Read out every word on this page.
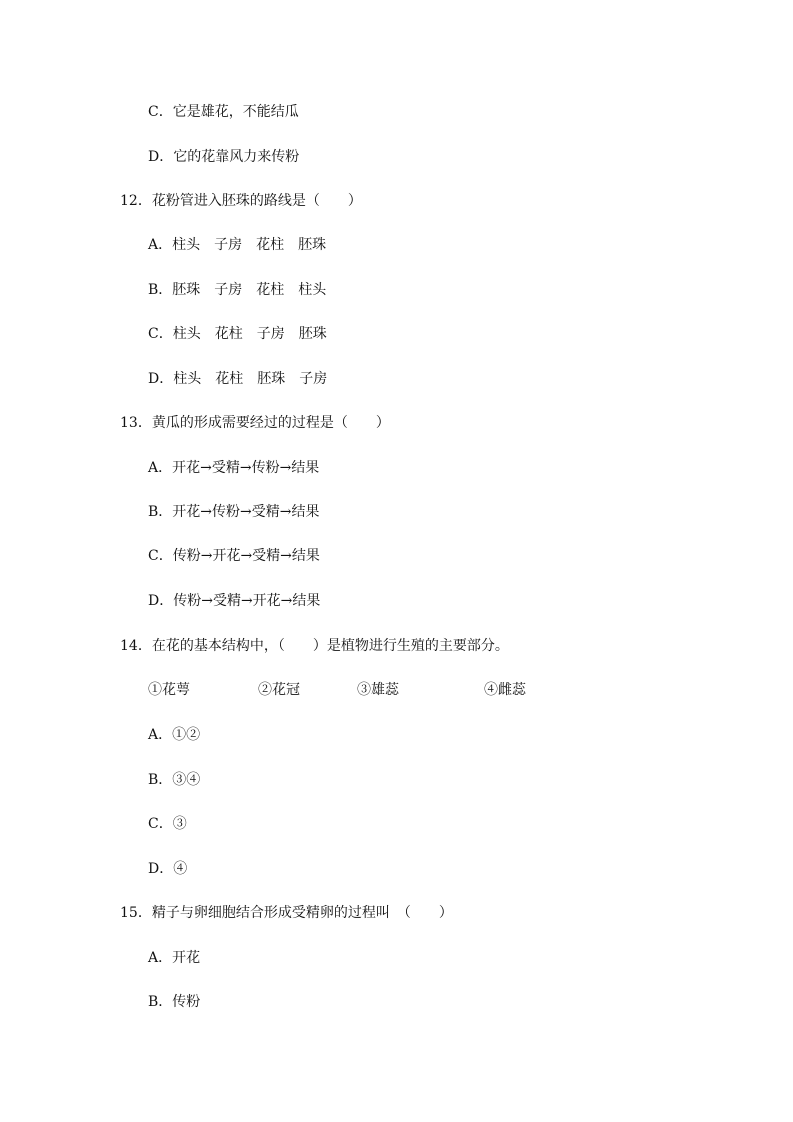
C．它是雄花，不能结瓜
D．它的花靠风力来传粉
12．花粉管进入胚珠的路线是（　　）
A．柱头　子房　花柱　胚珠
B．胚珠　子房　花柱　柱头
C．柱头　花柱　子房　胚珠
D．柱头　花柱　胚珠　子房
13．黄瓜的形成需要经过的过程是（　　）
A．开花→受精→传粉→结果
B．开花→传粉→受精→结果
C．传粉→开花→受精→结果
D．传粉→受精→开花→结果
14．在花的基本结构中，（　　）是植物进行生殖的主要部分。
①花萼	②花冠	③雄蕊	④雌蕊
A．①②
B．③④
C．③
D．④
15．精子与卵细胞结合形成受精卵的过程叫　（　　）
A．开花
B．传粉
